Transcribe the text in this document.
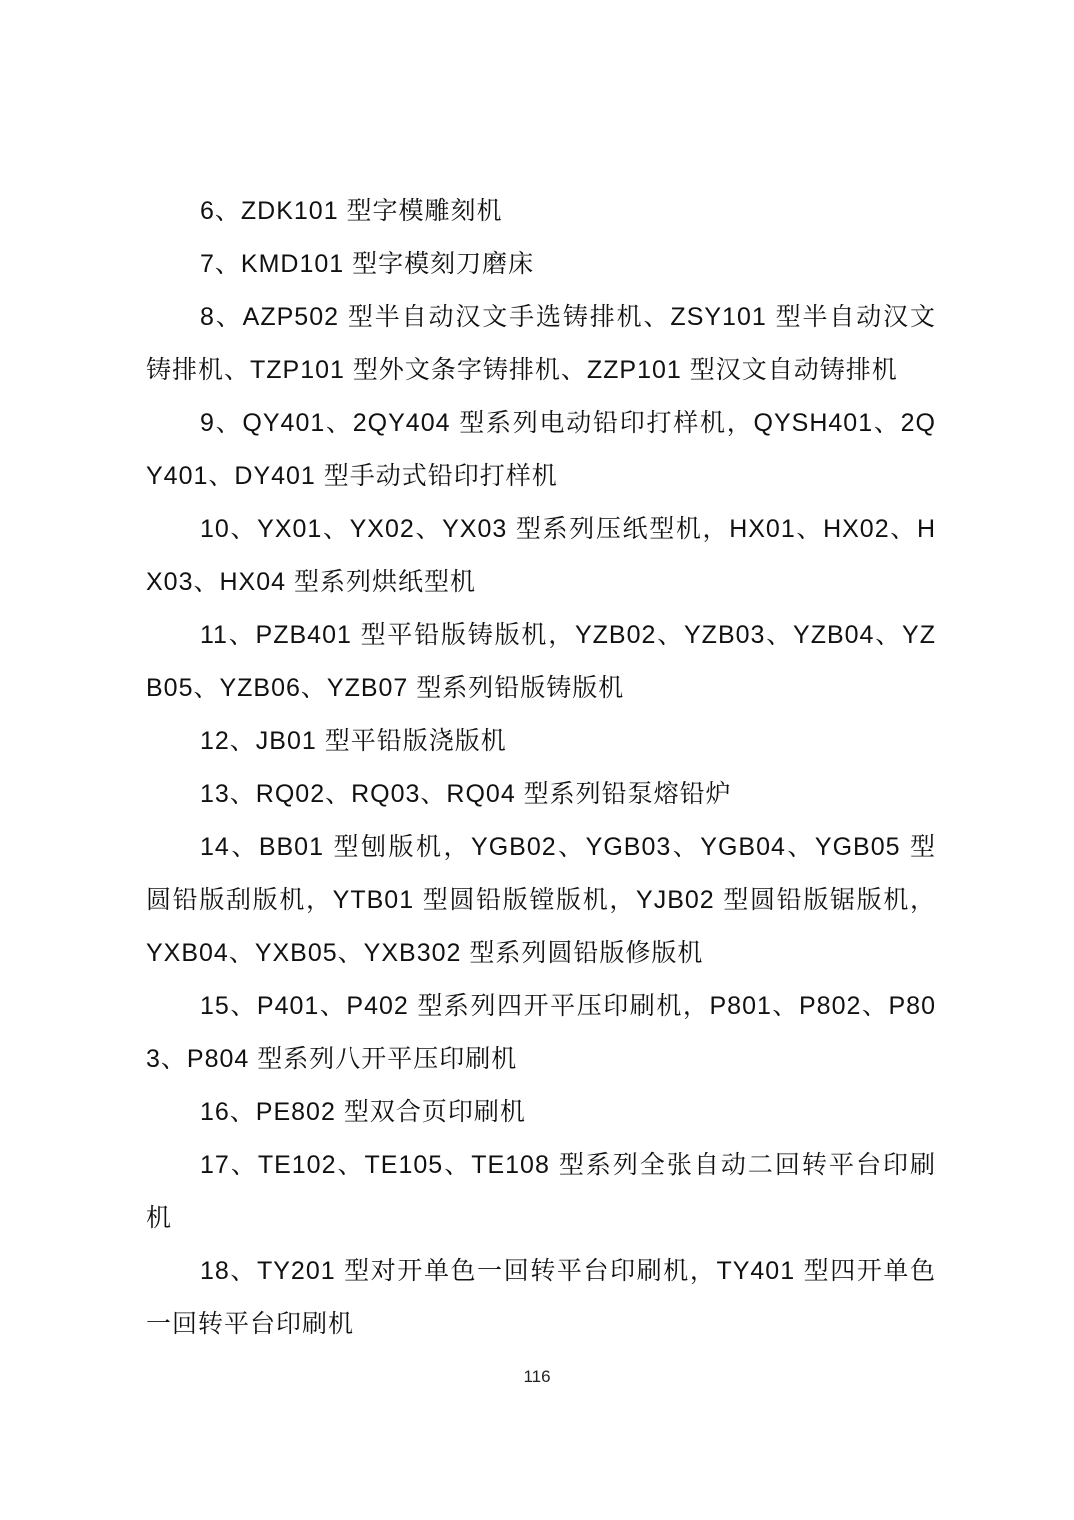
6、ZDK101 型字模雕刻机

7、KMD101 型字模刻刀磨床

8、AZP502 型半自动汉文手选铸排机、ZSY101 型半自动汉文铸排机、TZP101 型外文条字铸排机、ZZP101 型汉文自动铸排机

9、QY401、2QY404 型系列电动铅印打样机，QYSH401、2QY401、DY401 型手动式铅印打样机

10、YX01、YX02、YX03 型系列压纸型机，HX01、HX02、HX03、HX04 型系列烘纸型机

11、PZB401 型平铅版铸版机，YZB02、YZB03、YZB04、YZB05、YZB06、YZB07 型系列铅版铸版机

12、JB01 型平铅版浇版机

13、RQ02、RQ03、RQ04 型系列铅泵熔铅炉

14、BB01 型刨版机，YGB02、YGB03、YGB04、YGB05 型圆铅版刮版机，YTB01 型圆铅版镗版机，YJB02 型圆铅版锯版机，YXB04、YXB05、YXB302 型系列圆铅版修版机

15、P401、P402 型系列四开平压印刷机，P801、P802、P803、P804 型系列八开平压印刷机

16、PE802 型双合页印刷机

17、TE102、TE105、TE108 型系列全张自动二回转平台印刷机

18、TY201 型对开单色一回转平台印刷机，TY401 型四开单色一回转平台印刷机

116
